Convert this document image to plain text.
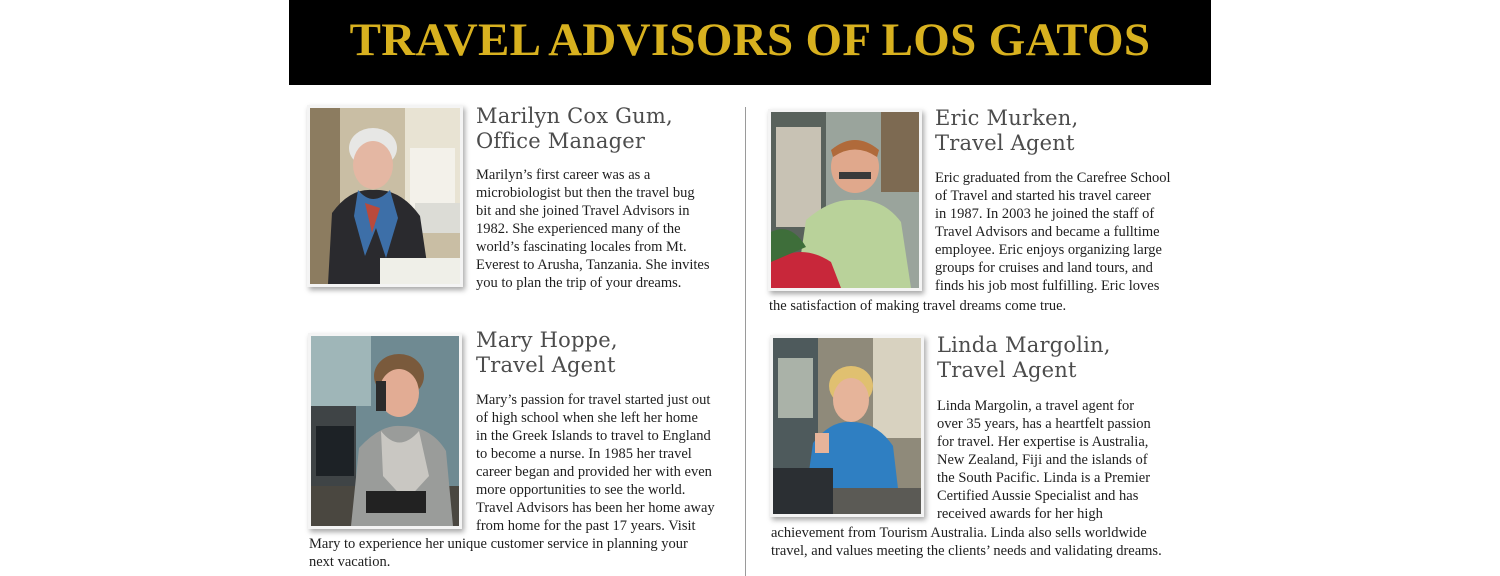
TRAVEL ADVISORS OF LOS GATOS
Marilyn Cox Gum,
Office Manager
Marilyn’s first career was as a
microbiologist but then the travel bug
bit and she joined Travel Advisors in
1982. She experienced many of the
world’s fascinating locales from Mt.
Everest to Arusha, Tanzania. She invites
you to plan the trip of your dreams.
Mary Hoppe,
Travel Agent
Mary’s passion for travel started just out
of high school when she left her home
in the Greek Islands to travel to England
to become a nurse. In 1985 her travel
career began and provided her with even
more opportunities to see the world.
Travel Advisors has been her home away
from home for the past 17 years. Visit
Mary to experience her unique customer service in planning your
next vacation.
Eric Murken,
Travel Agent
Eric graduated from the Carefree School
of Travel and started his travel career
in 1987. In 2003 he joined the staff of
Travel Advisors and became a fulltime
employee. Eric enjoys organizing large
groups for cruises and land tours, and
finds his job most fulfilling. Eric loves
the satisfaction of making travel dreams come true.
Linda Margolin,
Travel Agent
Linda Margolin, a travel agent for
over 35 years, has a heartfelt passion
for travel. Her expertise is Australia,
New Zealand, Fiji and the islands of
the South Pacific. Linda is a Premier
Certified Aussie Specialist and has
received awards for her high
achievement from Tourism Australia. Linda also sells worldwide
travel, and values meeting the clients’ needs and validating dreams.
